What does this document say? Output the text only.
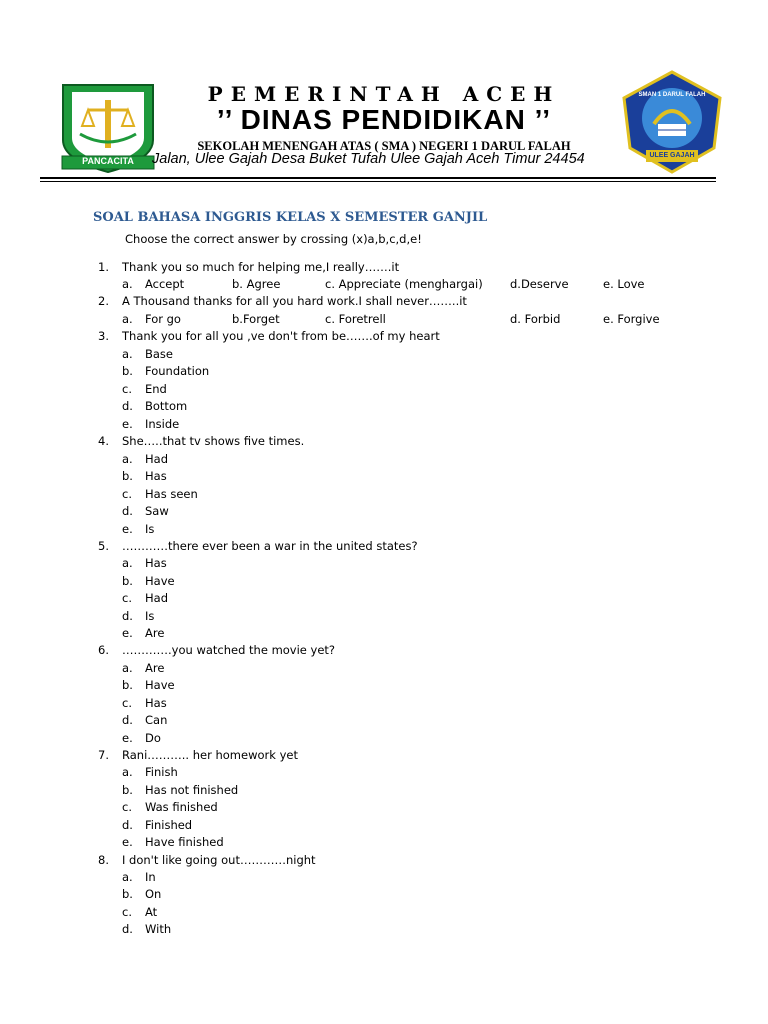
PANCACITA
PEMERINTAH ACEH
’’ DINAS PENDIDIKAN ’’
SEKOLAH MENENGAH ATAS ( SMA ) NEGERI 1 DARUL FALAH
Jalan, Ulee Gajah Desa Buket Tufah Ulee Gajah Aceh Timur 24454
SMAN 1 DARUL FALAH
ULEE GAJAH
SOAL BAHASA INGGRIS KELAS X SEMESTER GANJIL
Choose the correct answer by crossing (x)a,b,c,d,e!
1. Thank you so much for helping me,I really…….it
a. Accept	b. Agree	c. Appreciate (menghargai) d.Deserve	e. Love
2. A Thousand thanks for all you hard work.I shall never……..it
a. For go	b.Forget	c. Foretrell	d. Forbid	e. Forgive
3. Thank you for all you ,ve don't from be…….of my heart
a. Base
b. Foundation
c. End
d. Bottom
e. Inside
4. She…..that tv shows five times.
a. Had
b. Has
c. Has seen
d. Saw
e. Is
5. …………there ever been a war in the united states?
a. Has
b. Have
c. Had
d. Is
e. Are
6. ………….you watched the movie yet?
a. Are
b. Have
c. Has
d. Can
e. Do
7. Rani……….. her homework yet
a. Finish
b. Has not finished
c. Was finished
d. Finished
e. Have finished
8. I don't like going out…………night
a. In
b. On
c. At
d. With
